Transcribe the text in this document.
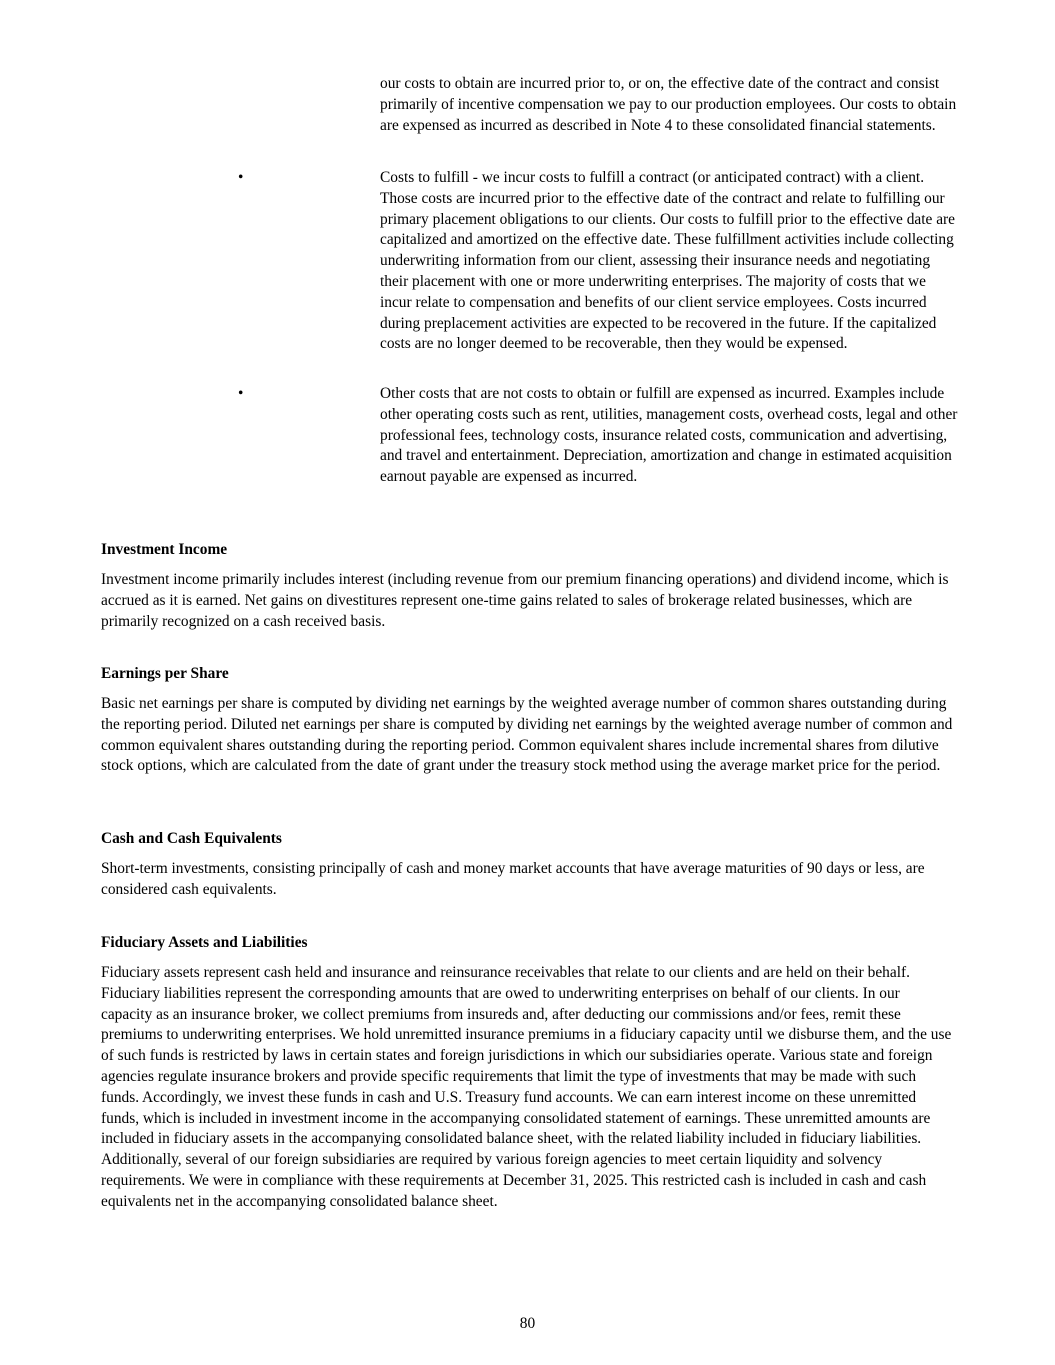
our costs to obtain are incurred prior to, or on, the effective date of the contract and consist primarily of incentive compensation we pay to our production employees. Our costs to obtain are expensed as incurred as described in Note 4 to these consolidated financial statements.

•	Costs to fulfill - we incur costs to fulfill a contract (or anticipated contract) with a client. Those costs are incurred prior to the effective date of the contract and relate to fulfilling our primary placement obligations to our clients. Our costs to fulfill prior to the effective date are capitalized and amortized on the effective date. These fulfillment activities include collecting underwriting information from our client, assessing their insurance needs and negotiating their placement with one or more underwriting enterprises. The majority of costs that we incur relate to compensation and benefits of our client service employees. Costs incurred during preplacement activities are expected to be recovered in the future. If the capitalized costs are no longer deemed to be recoverable, then they would be expensed.

•	Other costs that are not costs to obtain or fulfill are expensed as incurred. Examples include other operating costs such as rent, utilities, management costs, overhead costs, legal and other professional fees, technology costs, insurance related costs, communication and advertising, and travel and entertainment. Depreciation, amortization and change in estimated acquisition earnout payable are expensed as incurred.

Investment Income

Investment income primarily includes interest (including revenue from our premium financing operations) and dividend income, which is accrued as it is earned. Net gains on divestitures represent one-time gains related to sales of brokerage related businesses, which are primarily recognized on a cash received basis.

Earnings per Share

Basic net earnings per share is computed by dividing net earnings by the weighted average number of common shares outstanding during the reporting period. Diluted net earnings per share is computed by dividing net earnings by the weighted average number of common and common equivalent shares outstanding during the reporting period. Common equivalent shares include incremental shares from dilutive stock options, which are calculated from the date of grant under the treasury stock method using the average market price for the period.

Cash and Cash Equivalents

Short-term investments, consisting principally of cash and money market accounts that have average maturities of 90 days or less, are considered cash equivalents.

Fiduciary Assets and Liabilities

Fiduciary assets represent cash held and insurance and reinsurance receivables that relate to our clients and are held on their behalf. Fiduciary liabilities represent the corresponding amounts that are owed to underwriting enterprises on behalf of our clients. In our capacity as an insurance broker, we collect premiums from insureds and, after deducting our commissions and/or fees, remit these premiums to underwriting enterprises. We hold unremitted insurance premiums in a fiduciary capacity until we disburse them, and the use of such funds is restricted by laws in certain states and foreign jurisdictions in which our subsidiaries operate. Various state and foreign agencies regulate insurance brokers and provide specific requirements that limit the type of investments that may be made with such funds. Accordingly, we invest these funds in cash and U.S. Treasury fund accounts. We can earn interest income on these unremitted funds, which is included in investment income in the accompanying consolidated statement of earnings. These unremitted amounts are included in fiduciary assets in the accompanying consolidated balance sheet, with the related liability included in fiduciary liabilities. Additionally, several of our foreign subsidiaries are required by various foreign agencies to meet certain liquidity and solvency requirements. We were in compliance with these requirements at December 31, 2025. This restricted cash is included in cash and cash equivalents net in the accompanying consolidated balance sheet.

80
